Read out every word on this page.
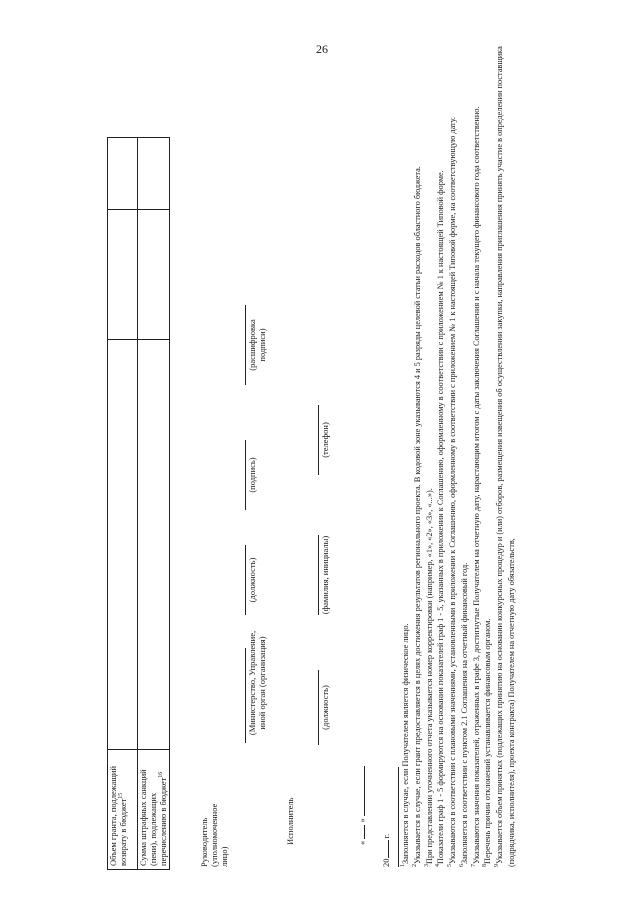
26
Объем гранта, подлежащий возврату в бюджет$^{15}$			
Сумма штрафных санкций (пени), подлежащих перечислению в бюджет$^{16}$			
Руководитель (уполномоченное лицо)
(Министерство, Управление, иной орган (организация)
(должность)
(подпись)
(расшифровка подписи)
Исполнитель
(должность)
(фамилия, инициалы)
(телефон)
«  »
20 г.

$^1$Заполняется в случае, если Получателем является физическое лицо.

$^2$Указывается в случае, если грант предоставляется в целях достижения результатов регионального проекта. В кодовой зоне указываются 4 и 5 разряды целевой статьи расходов областного бюджета.

$^3$При представлении уточненного отчета указывается номер корректировки (например, «1», «2», «3», «...»).

$^4$Показатели граф 1 - 5 формируются на основании показателей граф 1 - 5, указанных в приложении к Соглашению, оформленному в соответствии с приложением № 1 к настоящей Типовой форме.

$^5$Указываются в соответствии с плановыми значениями, установленными в приложении к Соглашению, оформленному в соответствии с приложением № 1 к настоящей Типовой форме, на соответствующую дату.

$^6$Заполняется в соответствии с пунктом 2.1 Соглашения на отчетный финансовый год.

$^7$Указываются значения показателей, отраженных в графе 3, достигнутые Получателем на отчетную дату, нарастающим итогом с даты заключения Соглашения и с начала текущего финансового года соответственно.

$^8$Перечень причин отклонений устанавливается финансовым органом.

$^9$Указывается объем принятых (подлежащих принятию на основании конкурсных процедур и (или) отборов, размещения извещения об осуществлении закупки, направления приглашения принять участие в определении поставщика (подрядчика, исполнителя), проекта контракта) Получателем на отчетную дату обязательств,
